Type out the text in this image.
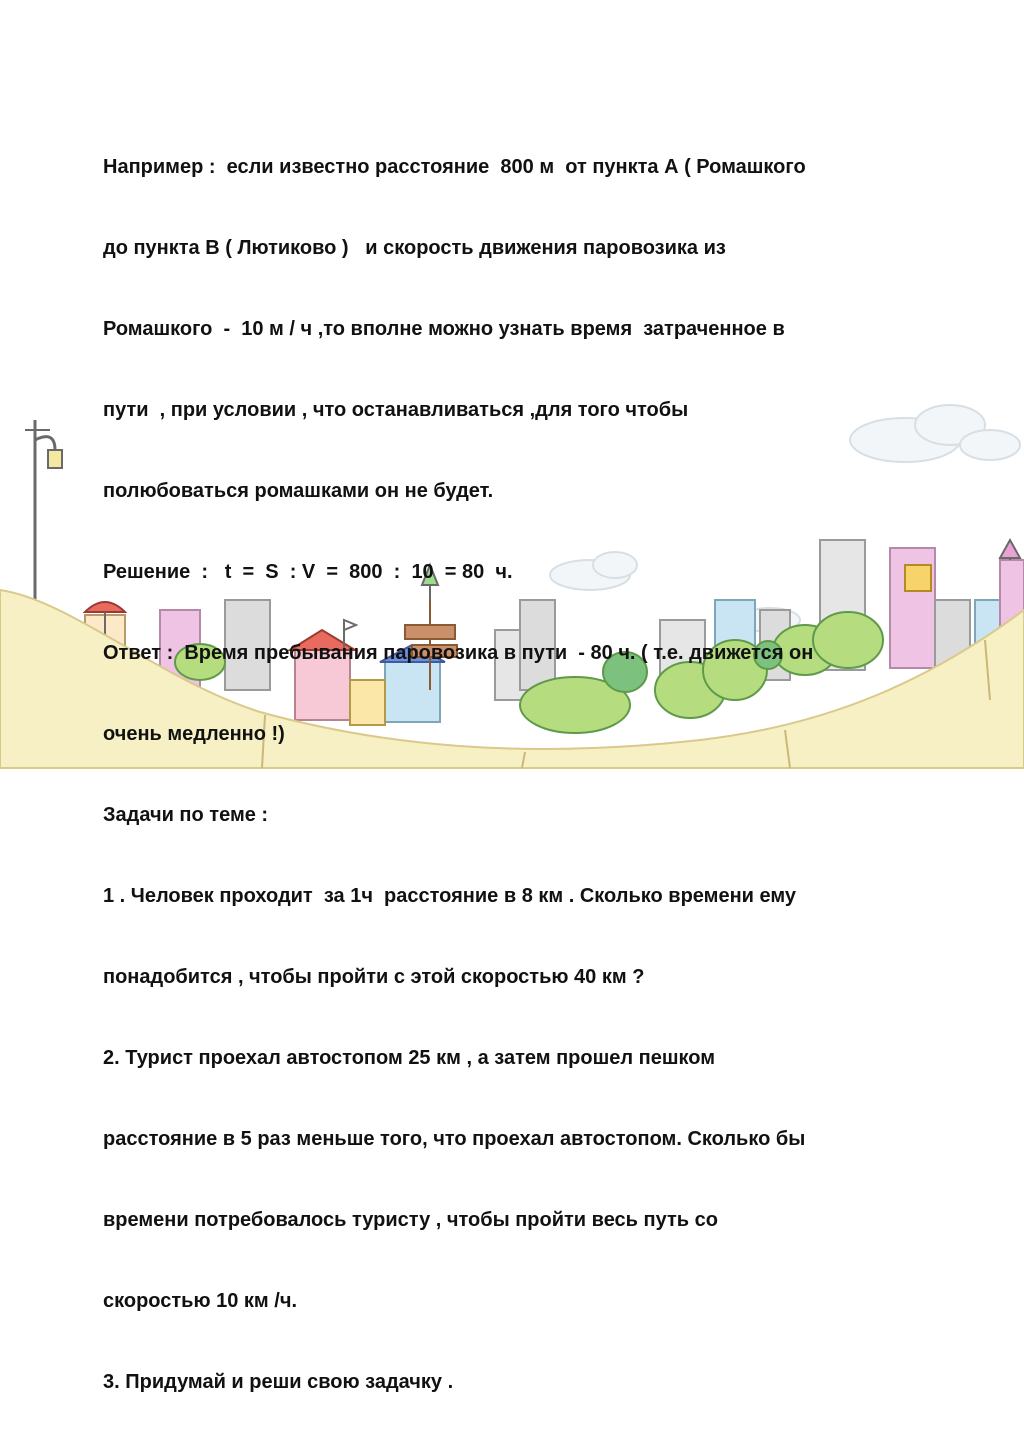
Например :  если известно расстояние  800 м  от пункта А ( Ромашкого

до пункта В ( Лютиково )   и скорость движения паровозика из

Ромашкого  -  10 м / ч ,то вполне можно узнать время  затраченное в

пути  , при условии , что останавливаться ,для того чтобы

полюбоваться ромашками он не будет.

Решение  :   t  =  S  : V  =  800  :  10  = 80  ч.

Ответ :  Время пребывания паровозика в пути  - 80 ч. ( т.е. движется он

очень медленно !)

Задачи по теме :

1 . Человек проходит  за 1ч  расстояние в 8 км . Сколько времени ему

понадобится , чтобы пройти с этой скоростью 40 км ?

2. Турист проехал автостопом 25 км , а затем прошел пешком

расстояние в 5 раз меньше того, что проехал автостопом. Сколько бы

времени потребовалось туристу , чтобы пройти весь путь со

скоростью 10 км /ч.

3. Придумай и реши свою задачку .
